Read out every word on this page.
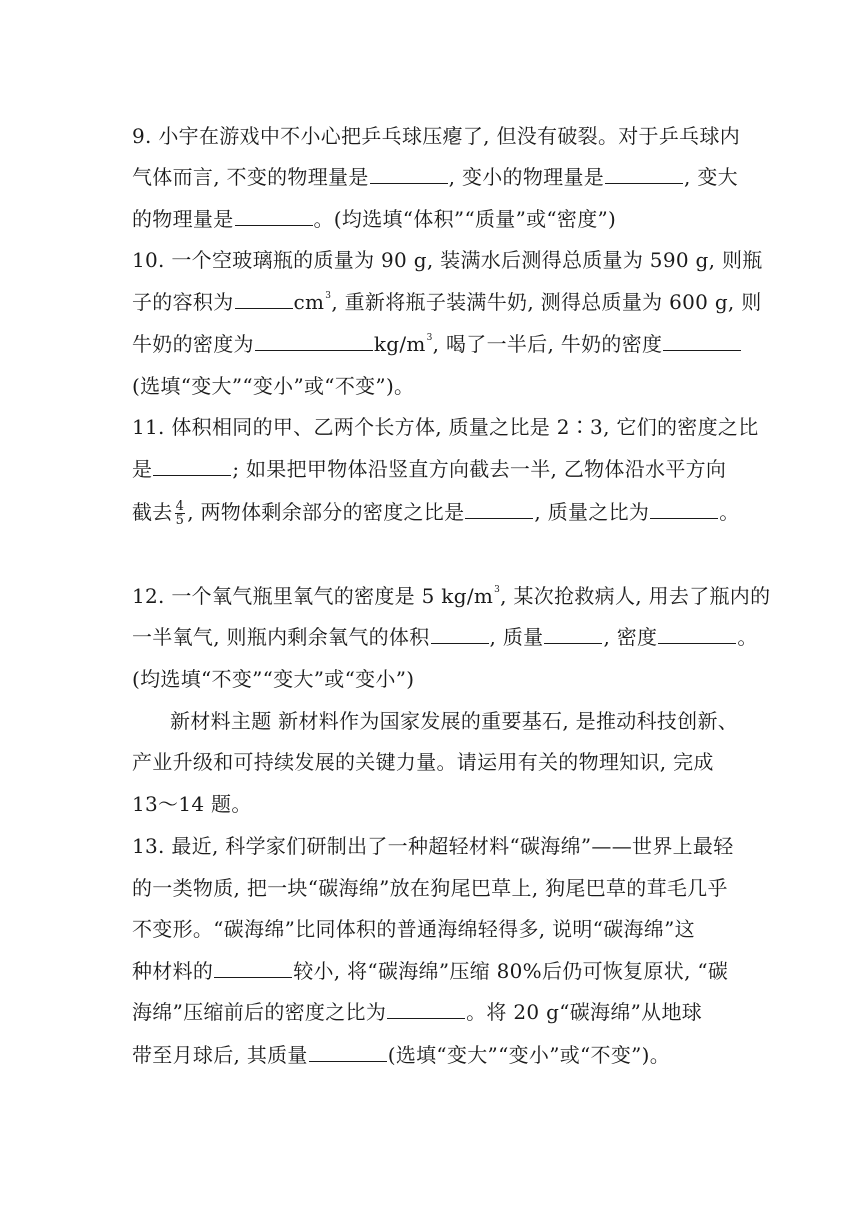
9. 小宇在游戏中不小心把乒乓球压瘪了, 但没有破裂。对于乒乓球内
气体而言, 不变的物理量是	, 变小的物理量是	, 变大
的物理量是	。(均选填“体积”“质量”或“密度”)
10. 一个空玻璃瓶的质量为 90 g, 装满水后测得总质量为 590 g, 则瓶
子的容积为	$cm^3$, 重新将瓶子装满牛奶, 测得总质量为 600 g, 则
牛奶的密度为	$kg/m^3$, 喝了一半后, 牛奶的密度
(选填“变大”“变小”或“不变”)。
11. 体积相同的甲、乙两个长方体, 质量之比是 2∶3, 它们的密度之比
是	; 如果把甲物体沿竖直方向截去一半, 乙物体沿水平方向
截去 $\frac{4}{5}$ , 两物体剩余部分的密度之比是	, 质量之比为	。
12. 一个氧气瓶里氧气的密度是 5 $kg/m^3$, 某次抢救病人, 用去了瓶内的
一半氧气, 则瓶内剩余氧气的体积	, 质量	, 密度	。
(均选填“不变”“变大”或“变小”)
新材料主题 新材料作为国家发展的重要基石, 是推动科技创新、
产业升级和可持续发展的关键力量。请运用有关的物理知识, 完成
13～14 题。
13. 最近, 科学家们研制出了一种超轻材料“碳海绵”——世界上最轻
的一类物质, 把一块“碳海绵”放在狗尾巴草上, 狗尾巴草的茸毛几乎
不变形。“碳海绵”比同体积的普通海绵轻得多, 说明“碳海绵”这
种材料的	较小, 将“碳海绵”压缩 80%后仍可恢复原状, “碳
海绵”压缩前后的密度之比为	。将 20 g“碳海绵”从地球
带至月球后, 其质量	(选填“变大”“变小”或“不变”)。
